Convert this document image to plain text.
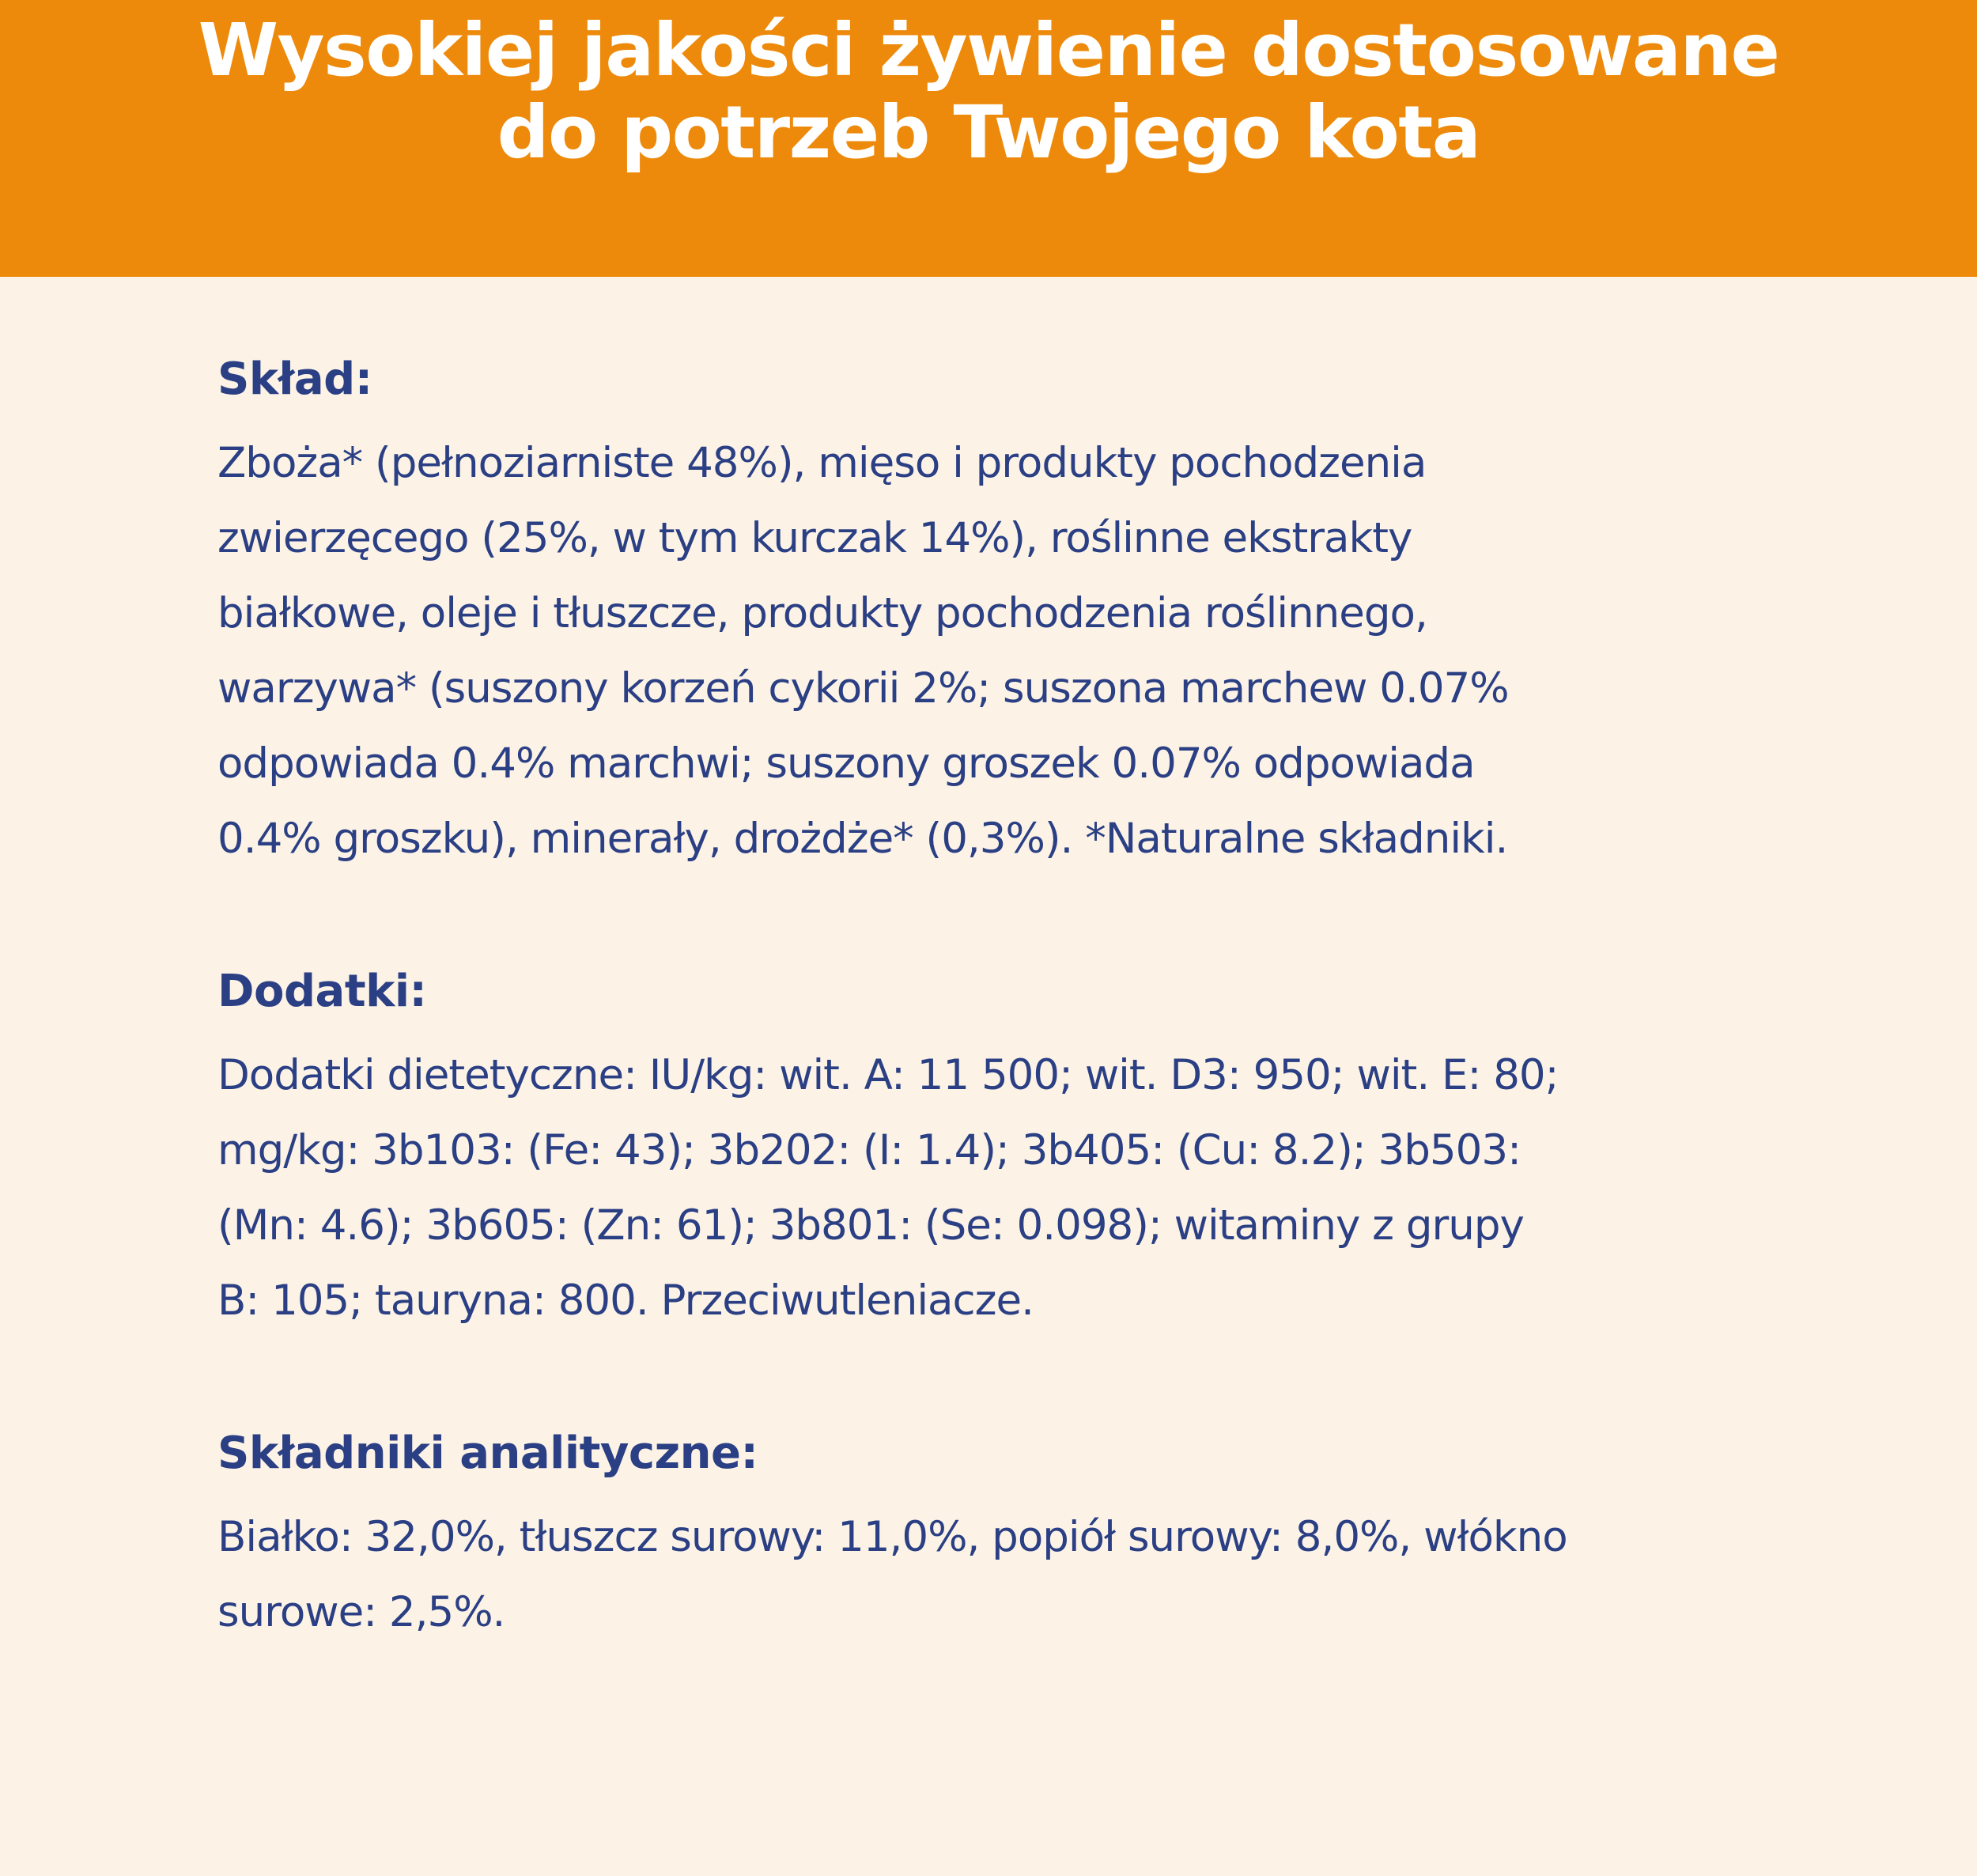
Wysokiej jakości żywienie dostosowane
do potrzeb Twojego kota
Skład:
Zboża* (pełnoziarniste 48%), mięso i produkty pochodzenia
zwierzęcego (25%, w tym kurczak 14%), roślinne ekstrakty
białkowe, oleje i tłuszcze, produkty pochodzenia roślinnego,
warzywa* (suszony korzeń cykorii 2%; suszona marchew 0.07%
odpowiada 0.4% marchwi; suszony groszek 0.07% odpowiada
0.4% groszku), minerały, drożdże* (0,3%). *Naturalne składniki.
Dodatki:
Dodatki dietetyczne: IU/kg: wit. A: 11 500; wit. D3: 950; wit. E: 80;
mg/kg: 3b103: (Fe: 43); 3b202: (I: 1.4); 3b405: (Cu: 8.2); 3b503:
(Mn: 4.6); 3b605: (Zn: 61); 3b801: (Se: 0.098); witaminy z grupy
B: 105; tauryna: 800. Przeciwutleniacze.
Składniki analityczne:
Białko: 32,0%, tłuszcz surowy: 11,0%, popiół surowy: 8,0%, włókno
surowe: 2,5%.
